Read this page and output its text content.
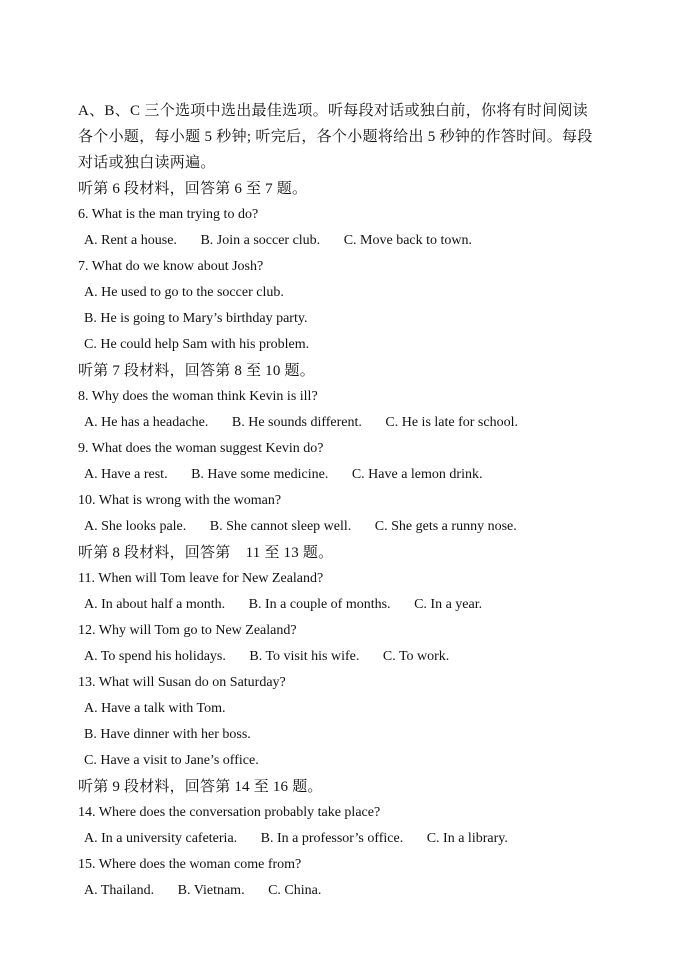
A、B、C 三个选项中选出最佳选项。听每段对话或独白前，你将有时间阅读
各个小题，每小题 5 秒钟; 听完后，各个小题将给出 5 秒钟的作答时间。每段
对话或独白读两遍。
听第 6 段材料，回答第 6 至 7 题。
6. What is the man trying to do?
A. Rent a house. B. Join a soccer club. C. Move back to town.
7. What do we know about Josh?
A. He used to go to the soccer club.
B. He is going to Mary’s birthday party.
C. He could help Sam with his problem.
听第 7 段材料，回答第 8 至 10 题。
8. Why does the woman think Kevin is ill?
A. He has a headache. B. He sounds different. C. He is late for school.
9. What does the woman suggest Kevin do?
A. Have a rest. B. Have some medicine. C. Have a lemon drink.
10. What is wrong with the woman?
A. She looks pale. B. She cannot sleep well. C. She gets a runny nose.
听第 8 段材料，回答第　11 至 13 题。
11. When will Tom leave for New Zealand?
A. In about half a month. B. In a couple of months. C. In a year.
12. Why will Tom go to New Zealand?
A. To spend his holidays. B. To visit his wife. C. To work.
13. What will Susan do on Saturday?
A. Have a talk with Tom.
B. Have dinner with her boss.
C. Have a visit to Jane’s office.
听第 9 段材料，回答第 14 至 16 题。
14. Where does the conversation probably take place?
A. In a university cafeteria. B. In a professor’s office. C. In a library.
15. Where does the woman come from?
A. Thailand. B. Vietnam. C. China.
